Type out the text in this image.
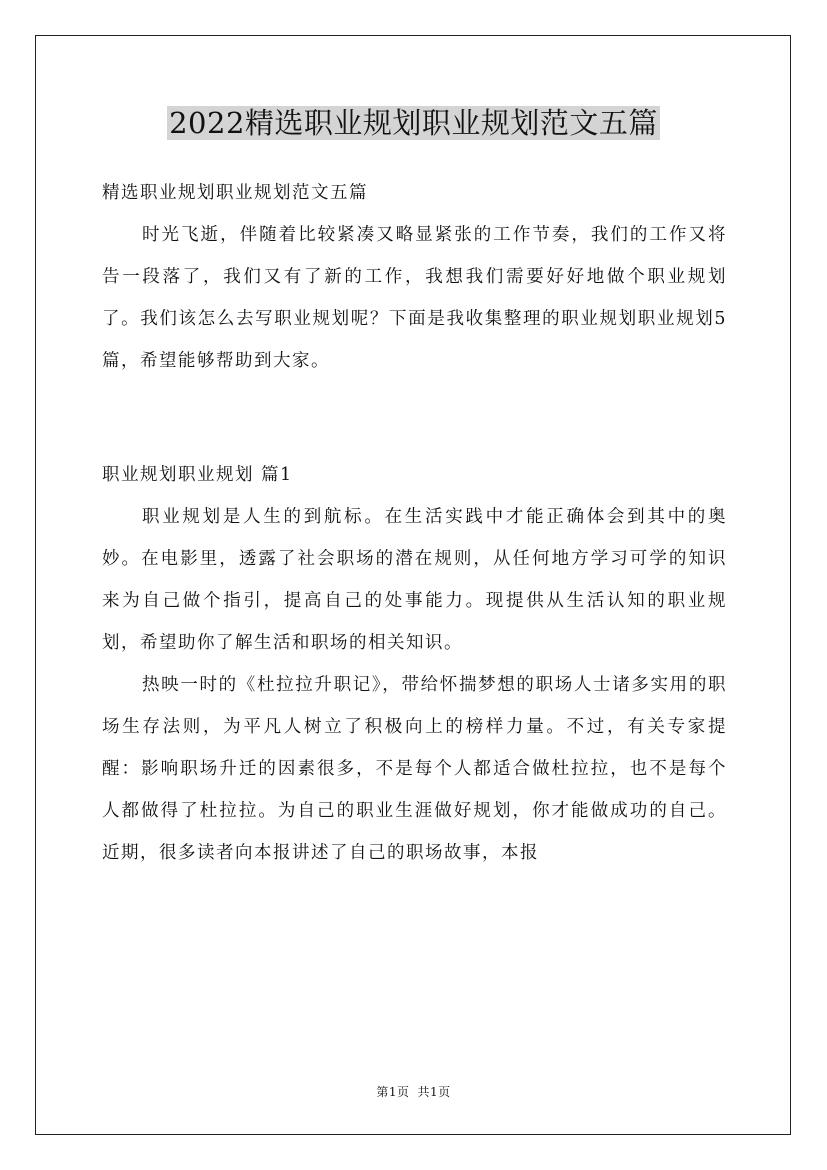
2022精选职业规划职业规划范文五篇

精选职业规划职业规划范文五篇

时光飞逝，伴随着比较紧凑又略显紧张的工作节奏，我们的工作又将告一段落了，我们又有了新的工作，我想我们需要好好地做个职业规划了。我们该怎么去写职业规划呢？下面是我收集整理的职业规划职业规划5篇，希望能够帮助到大家。

职业规划职业规划 篇1

职业规划是人生的到航标。在生活实践中才能正确体会到其中的奥妙。在电影里，透露了社会职场的潜在规则，从任何地方学习可学的知识来为自己做个指引，提高自己的处事能力。现提供从生活认知的职业规划，希望助你了解生活和职场的相关知识。

热映一时的《杜拉拉升职记》，带给怀揣梦想的职场人士诸多实用的职场生存法则，为平凡人树立了积极向上的榜样力量。不过，有关专家提醒：影响职场升迁的因素很多，不是每个人都适合做杜拉拉，也不是每个人都做得了杜拉拉。为自己的职业生涯做好规划，你才能做成功的自己。近期，很多读者向本报讲述了自己的职场故事，本报

第1页 共1页
